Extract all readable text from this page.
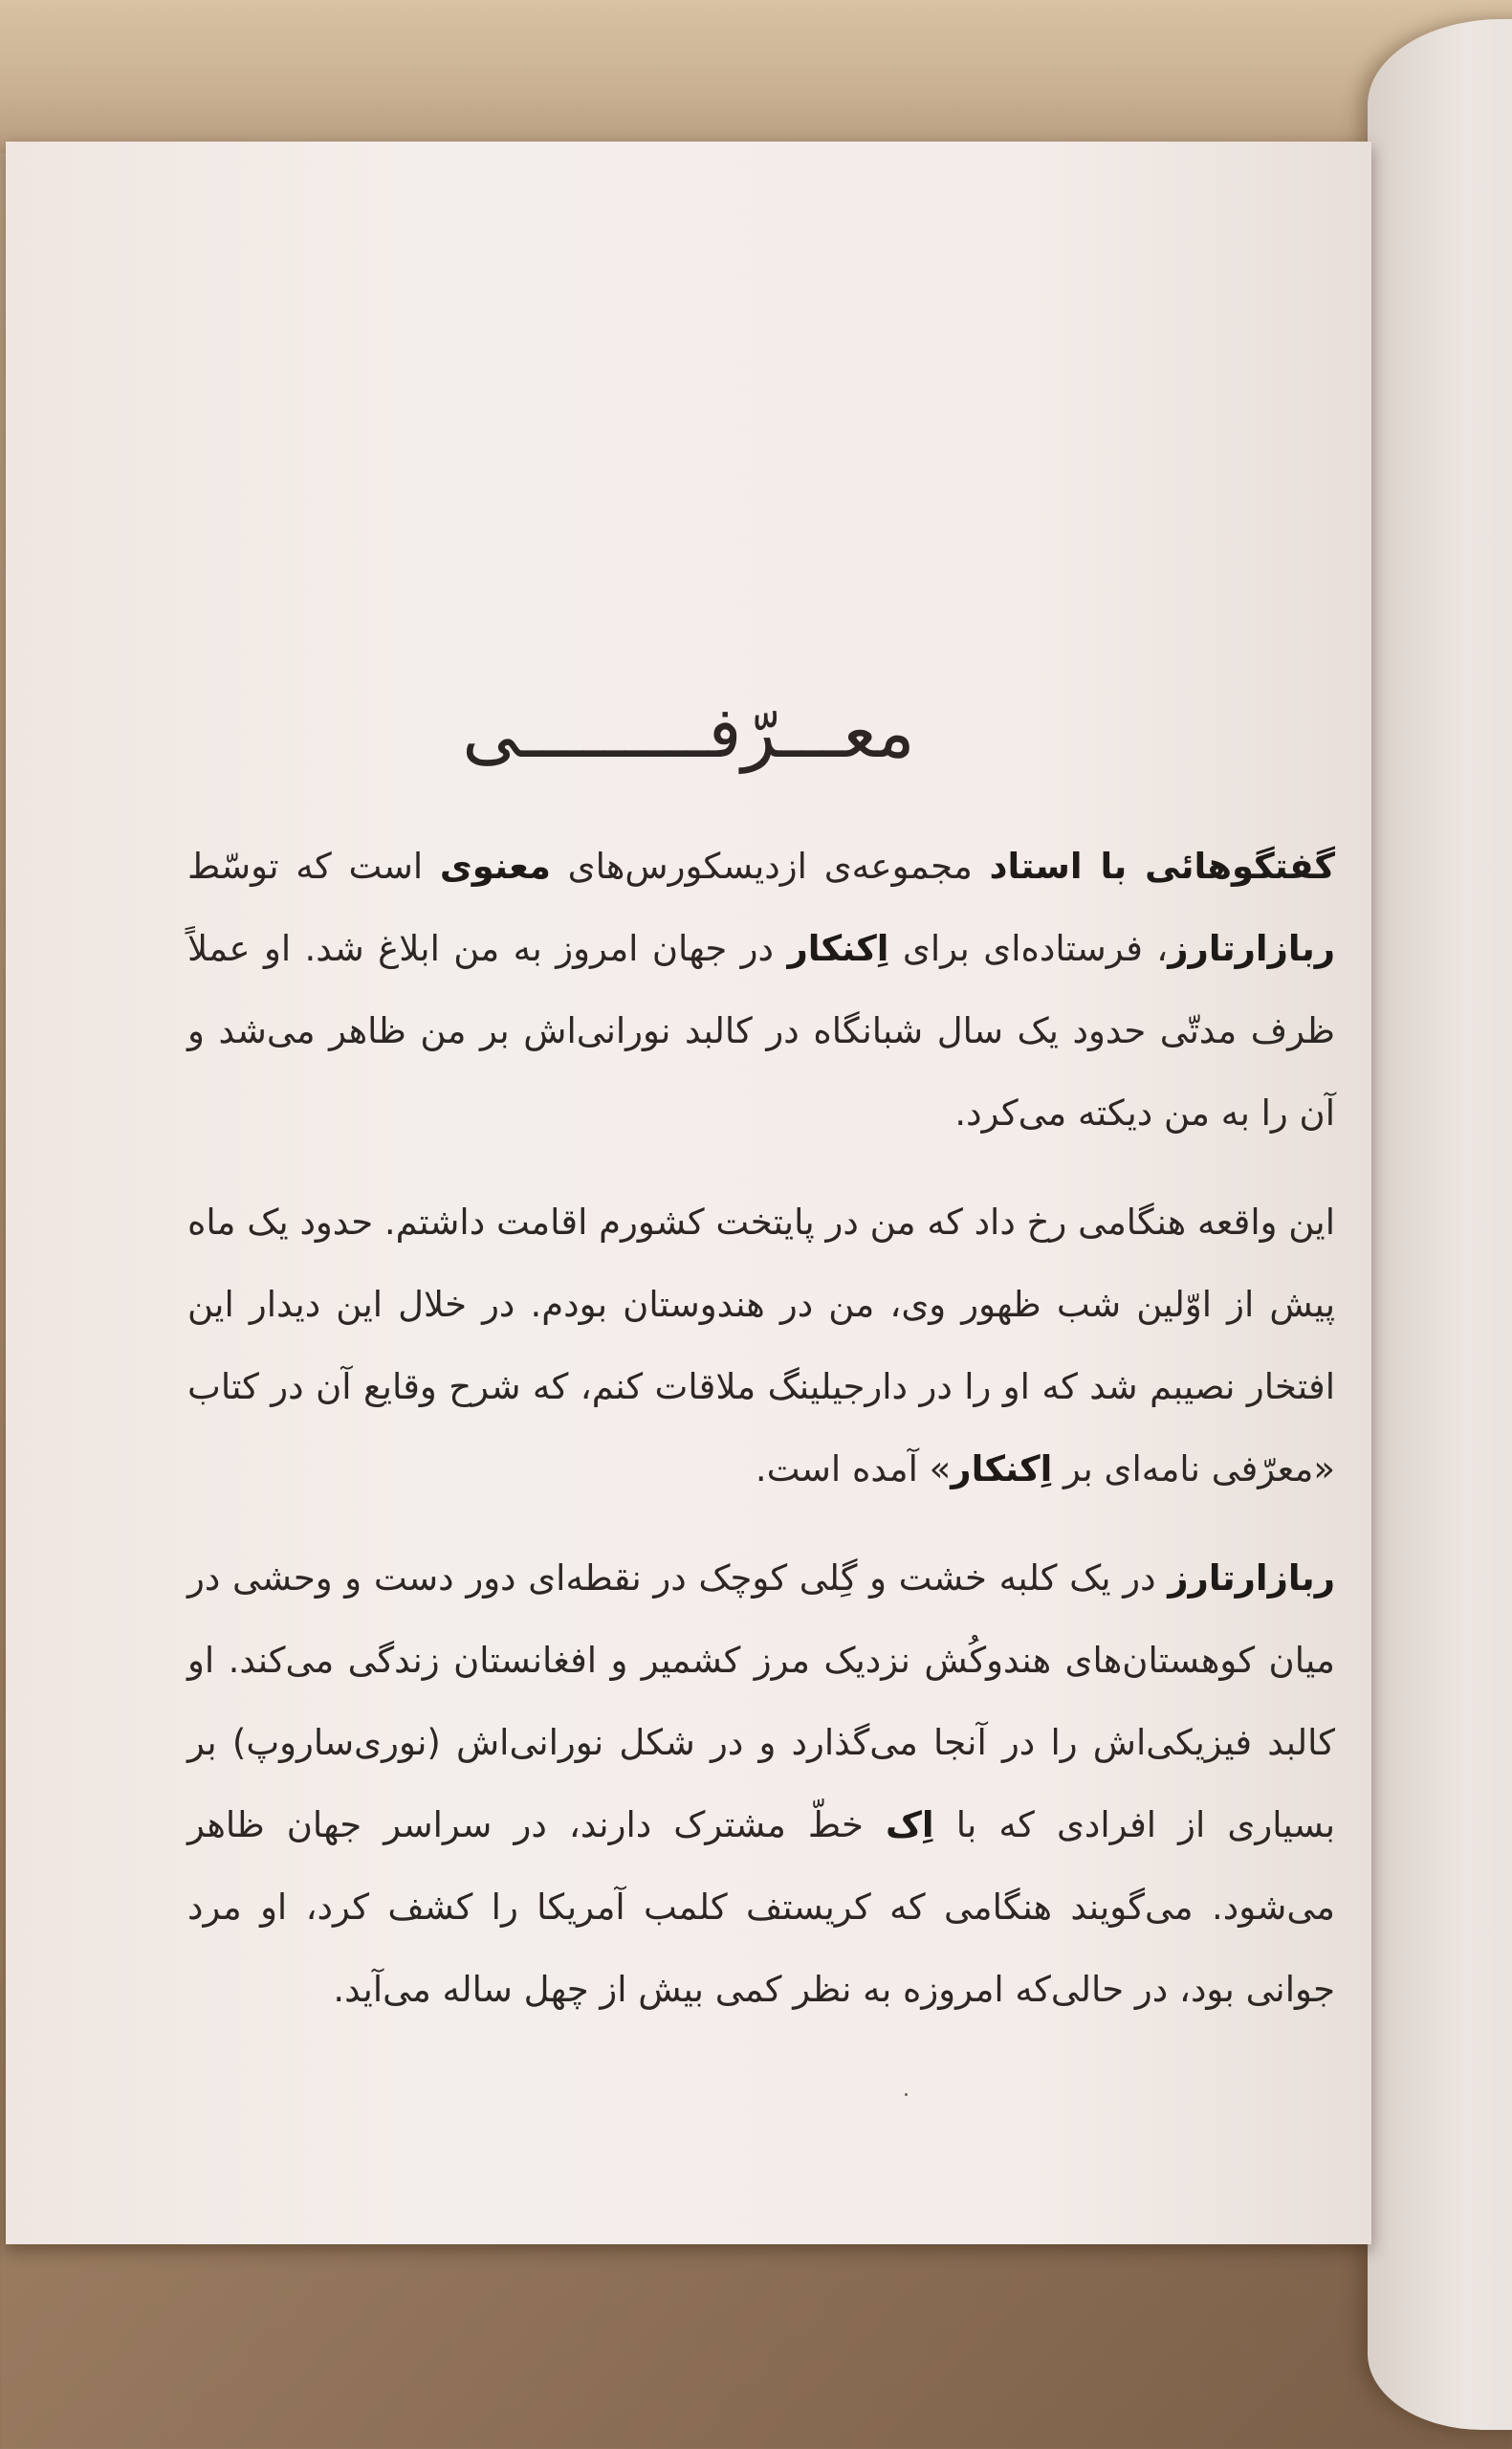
معـــرّفـــــــــی

گفتگوهائی با استاد مجموعه‌ی ازدیسکورس‌های معنوی است که توسّط ربازارتارز، فرستاده‌ای برای اِکنکار در جهان امروز به من ابلاغ شد. او عملاً ظرف مدتّی حدود یک سال شبانگاه در کالبد نورانی‌اش بر من ظاهر می‌شد و آن را به من دیکته می‌کرد.

این واقعه هنگامی رخ داد که من در پایتخت کشورم اقامت داشتم. حدود یک ماه پیش از اوّلین شب ظهور وی، من در هندوستان بودم. در خلال این دیدار این افتخار نصیبم شد که او را در دارجیلینگ ملاقات کنم، که شرح وقایع آن در کتاب «معرّفی نامه‌ای بر اِکنکار» آمده است.

ربازارتارز در یک کلبه خشت و گِلی کوچک در نقطه‌ای دور دست و وحشی در میان کوهستان‌های هندوکُش نزدیک مرز کشمیر و افغانستان زندگی می‌کند. او کالبد فیزیکی‌اش را در آنجا می‌گذارد و در شکل نورانی‌اش (نوری‌ساروپ) بر بسیاری از افرادی که با اِک خطّ مشترک دارند، در سراسر جهان ظاهر می‌شود. می‌گویند هنگامی که کریستف کلمب آمریکا را کشف کرد، او مرد جوانی بود، در حالی‌که امروزه به نظر کمی بیش از چهل ساله می‌آید.
